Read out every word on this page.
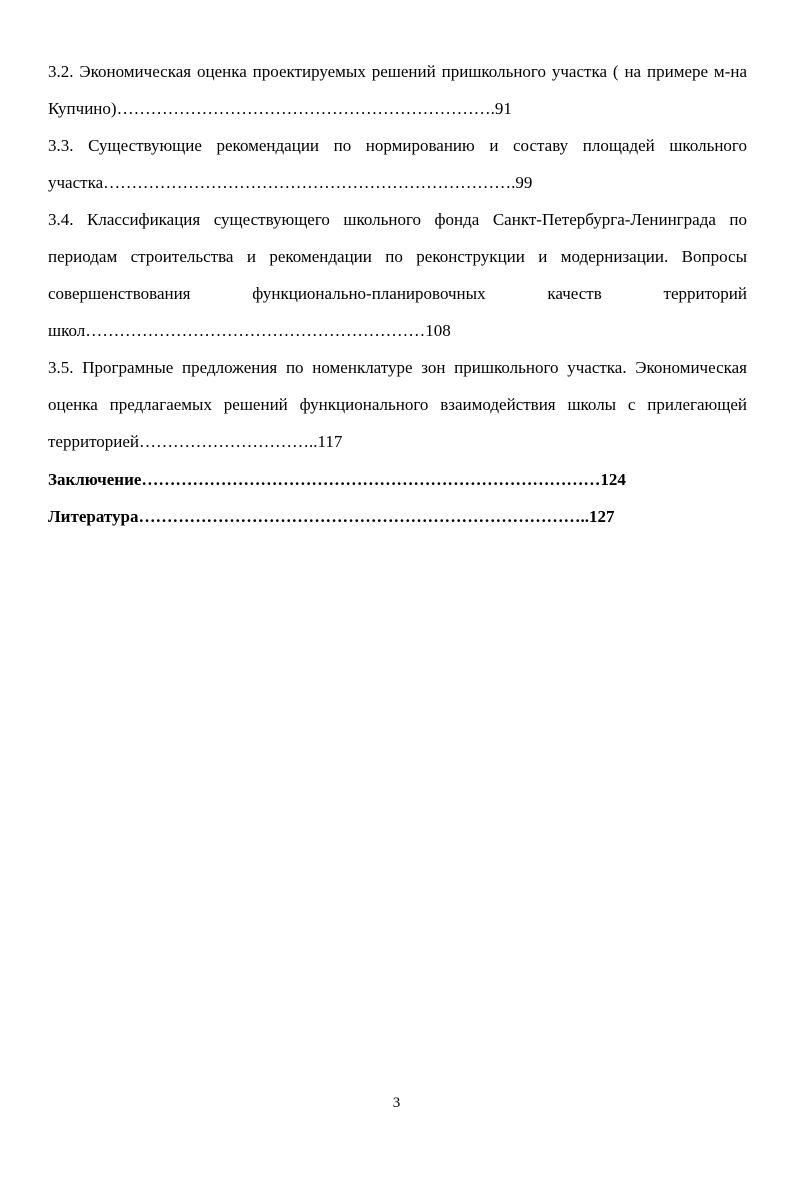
3.2. Экономическая оценка проектируемых решений пришкольного участка ( на примере м-на Купчино)………………………………………………………….91

3.3. Существующие рекомендации по нормированию и составу площадей школьного участка……………………………………………………………….99

3.4. Классификация существующего школьного фонда Санкт-Петербурга-Ленинграда по периодам строительства и рекомендации по реконструкции и модернизации. Вопросы совершенствования функционально-планировочных качеств территорий школ……………………………………………………108

3.5. Програмные предложения по номенклатуре зон пришкольного участка. Экономическая оценка предлагаемых решений функционального взаимодействия школы с прилегающей территорией…………………………..117

Заключение………………………………………………………………………124

Литература……………………………………………………………………..127

3
